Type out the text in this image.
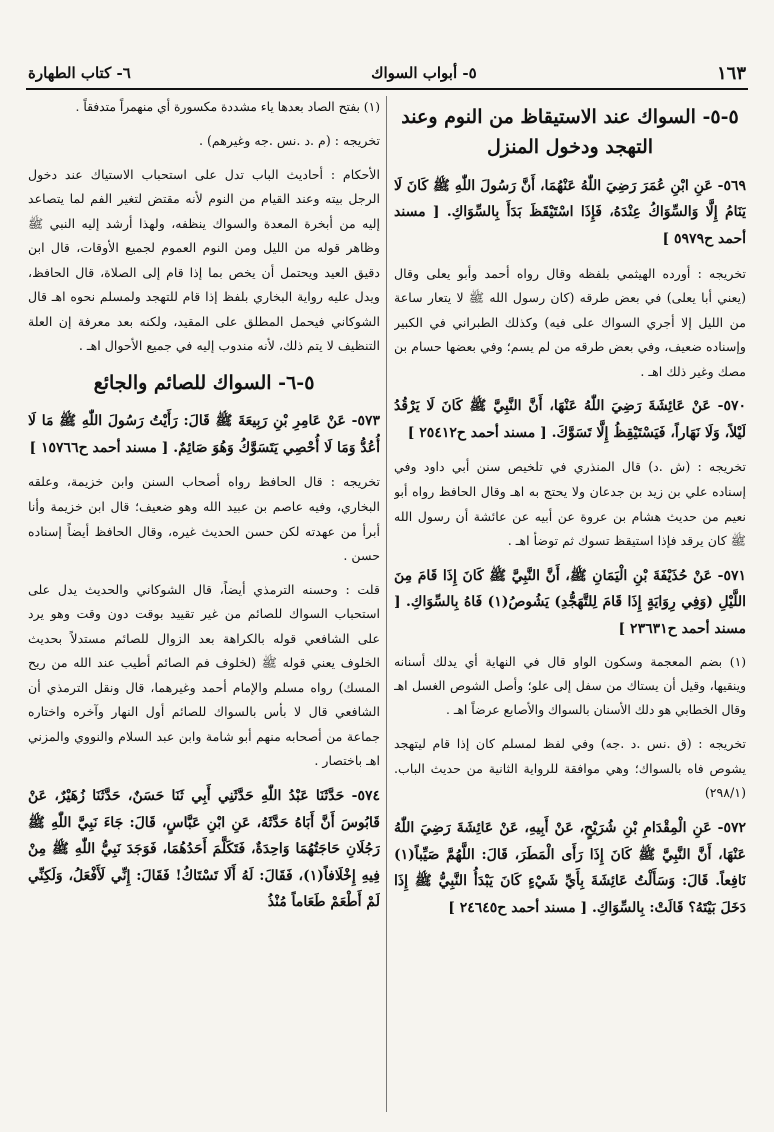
١٦٣
٥- أبواب السواك
٦- كتاب الطهارة
٥-٥- السواك عند الاستيقاظ من النوم وعند التهجد ودخول المنزل

٥٦٩- عَنِ ابْنِ عُمَرَ رَضِيَ اللّٰهُ عَنْهُمَا، أَنَّ رَسُولَ اللّٰهِ ﷺ كَانَ لَا يَنَامُ إِلَّا وَالسِّوَاكُ عِنْدَهُ، فَإِذَا اسْتَيْقَظَ بَدَأَ بِالسِّوَاكِ. [ مسند أحمد ح٥٩٧٩ ]

تخريجه : أورده الهيثمي بلفظه وقال رواه أحمد وأبو يعلى وقال (يعني أبا يعلى) في بعض طرقه (كان رسول الله ﷺ لا يتعار ساعة من الليل إلا أجري السواك على فيه) وكذلك الطبراني في الكبير وإسناده ضعيف، وفي بعض طرقه من لم يسم؛ وفي بعضها حسام بن مصك وغير ذلك اهـ .

٥٧٠- عَنْ عَائِشَةَ رَضِيَ اللّٰهُ عَنْهَا، أَنَّ النَّبِيَّ ﷺ كَانَ لَا يَرْقُدُ لَيْلاً، وَلَا نَهَاراً، فَيَسْتَيْقِظُ إِلَّا تَسَوَّكَ. [ مسند أحمد ح٢٥٤١٢ ]

تخريجه : (ش .د) قال المنذري في تلخيص سنن أبي داود وفي إسناده علي بن زيد بن جدعان ولا يحتج به اهـ وقال الحافظ رواه أبو نعيم من حديث هشام بن عروة عن أبيه عن عائشة أن رسول الله ﷺ كان يرقد فإذا استيقظ تسوك ثم توضأ اهـ .

٥٧١- عَنْ حُذَيْفَةَ بْنِ الْيَمَانِ ﷺ، أَنَّ النَّبِيَّ ﷺ كَانَ إِذَا قَامَ مِنَ اللَّيْلِ (وَفِي رِوَايَةٍ إِذَا قَامَ لِلتَّهَجُّدِ) يَشُوصُ(١) فَاهُ بِالسِّوَاكِ. [ مسند أحمد ح٢٣٦٣١ ]

(١) بضم المعجمة وسكون الواو قال في النهاية أي يدلك أسنانه وينقيها، وقيل أن يستاك من سفل إلى علو؛ وأصل الشوص الغسل اهـ وقال الخطابي هو دلك الأسنان بالسواك والأصابع عرضاً اهـ .

تخريجه : (ق .نس .د .جه) وفي لفظ لمسلم كان إذا قام ليتهجد يشوص فاه بالسواك؛ وهي موافقة للرواية الثانية من حديث الباب. (٢٩٨/١)

٥٧٢- عَنِ الْمِقْدَامِ بْنِ شُرَيْحٍ، عَنْ أَبِيهِ، عَنْ عَائِشَةَ رَضِيَ اللّٰهُ عَنْهَا، أَنَّ النَّبِيَّ ﷺ كَانَ إِذَا رَأَى الْمَطَرَ، قَالَ: اللَّهُمَّ صَيِّباً(١) نَافِعاً. قَالَ: وَسَأَلْتُ عَائِشَةَ بِأَيِّ شَيْءٍ كَانَ يَبْدَأُ النَّبِيُّ ﷺ إِذَا دَخَلَ بَيْتَهُ؟ قَالَتْ: بِالسِّوَاكِ. [ مسند أحمد ح٢٤٦٤٥ ]

(١) بفتح الصاد بعدها ياء مشددة مكسورة أي منهمراً متدفقاً .

تخريجه : (م .د .نس .جه وغيرهم) .

الأحكام : أحاديث الباب تدل على استحباب الاستياك عند دخول الرجل بيته وعند القيام من النوم لأنه مقتض لتغير الفم لما يتصاعد إليه من أبخرة المعدة والسواك ينظفه، ولهذا أرشد إليه النبي ﷺ وظاهر قوله من الليل ومن النوم العموم لجميع الأوقات، قال ابن دقيق العيد ويحتمل أن يخص بما إذا قام إلى الصلاة، قال الحافظ، ويدل عليه رواية البخاري بلفظ إذا قام للتهجد ولمسلم نحوه اهـ قال الشوكاني فيحمل المطلق على المقيد، ولكنه بعد معرفة إن العلة التنظيف لا يتم ذلك، لأنه مندوب إليه في جميع الأحوال اهـ .

٥-٦- السواك للصائم والجائع

٥٧٣- عَنْ عَامِرِ بْنِ رَبِيعَةَ ﷺ قَالَ: رَأَيْتُ رَسُولَ اللّٰهِ ﷺ مَا لَا أُعُدُّ وَمَا لَا أُحْصِي يَتَسَوَّكُ وَهُوَ صَائِمٌ. [ مسند أحمد ح١٥٧٦٦ ]

تخريجه : قال الحافظ رواه أصحاب السنن وابن خزيمة، وعلقه البخاري، وفيه عاصم بن عبيد الله وهو ضعيف؛ قال ابن خزيمة وأنا أبرأ من عهدته لكن حسن الحديث غيره، وقال الحافظ أيضاً إسناده حسن .

قلت : وحسنه الترمذي أيضاً، قال الشوكاني والحديث يدل على استحباب السواك للصائم من غير تقييد بوقت دون وقت وهو يرد على الشافعي قوله بالكراهة بعد الزوال للصائم مستدلاً بحديث الخلوف يعني قوله ﷺ (لخلوف فم الصائم أطيب عند الله من ريح المسك) رواه مسلم والإمام أحمد وغيرهما، قال ونقل الترمذي أن الشافعي قال لا بأس بالسواك للصائم أول النهار وآخره واختاره جماعة من أصحابه منهم أبو شامة وابن عبد السلام والنووي والمزني اهـ باختصار .

٥٧٤- حَدَّثَنَا عَبْدُ اللّٰهِ حَدَّثَنِي أَبِي ثَنَا حَسَنٌ، حَدَّثَنَا زُهَيْرٌ، عَنْ قَابُوسَ أَنَّ أَبَاهُ حَدَّثَهُ، عَنِ ابْنِ عَبَّاسٍ، قَالَ: جَاءَ نَبِيَّ اللّٰهِ ﷺ رَجُلَانِ حَاجَتُهُمَا وَاحِدَةٌ، فَتَكَلَّمَ أَحَدُهُمَا، فَوَجَدَ نَبِيُّ اللّٰهِ ﷺ مِنْ فِيهِ إِخْلَافاً(١)، فَقَالَ: لَهُ أَلَا تَسْتَاكُ! فَقَالَ: إِنِّي لَأَفْعَلُ، وَلَكِنِّي لَمْ أَطْعَمْ طَعَاماً مُنْذُ
